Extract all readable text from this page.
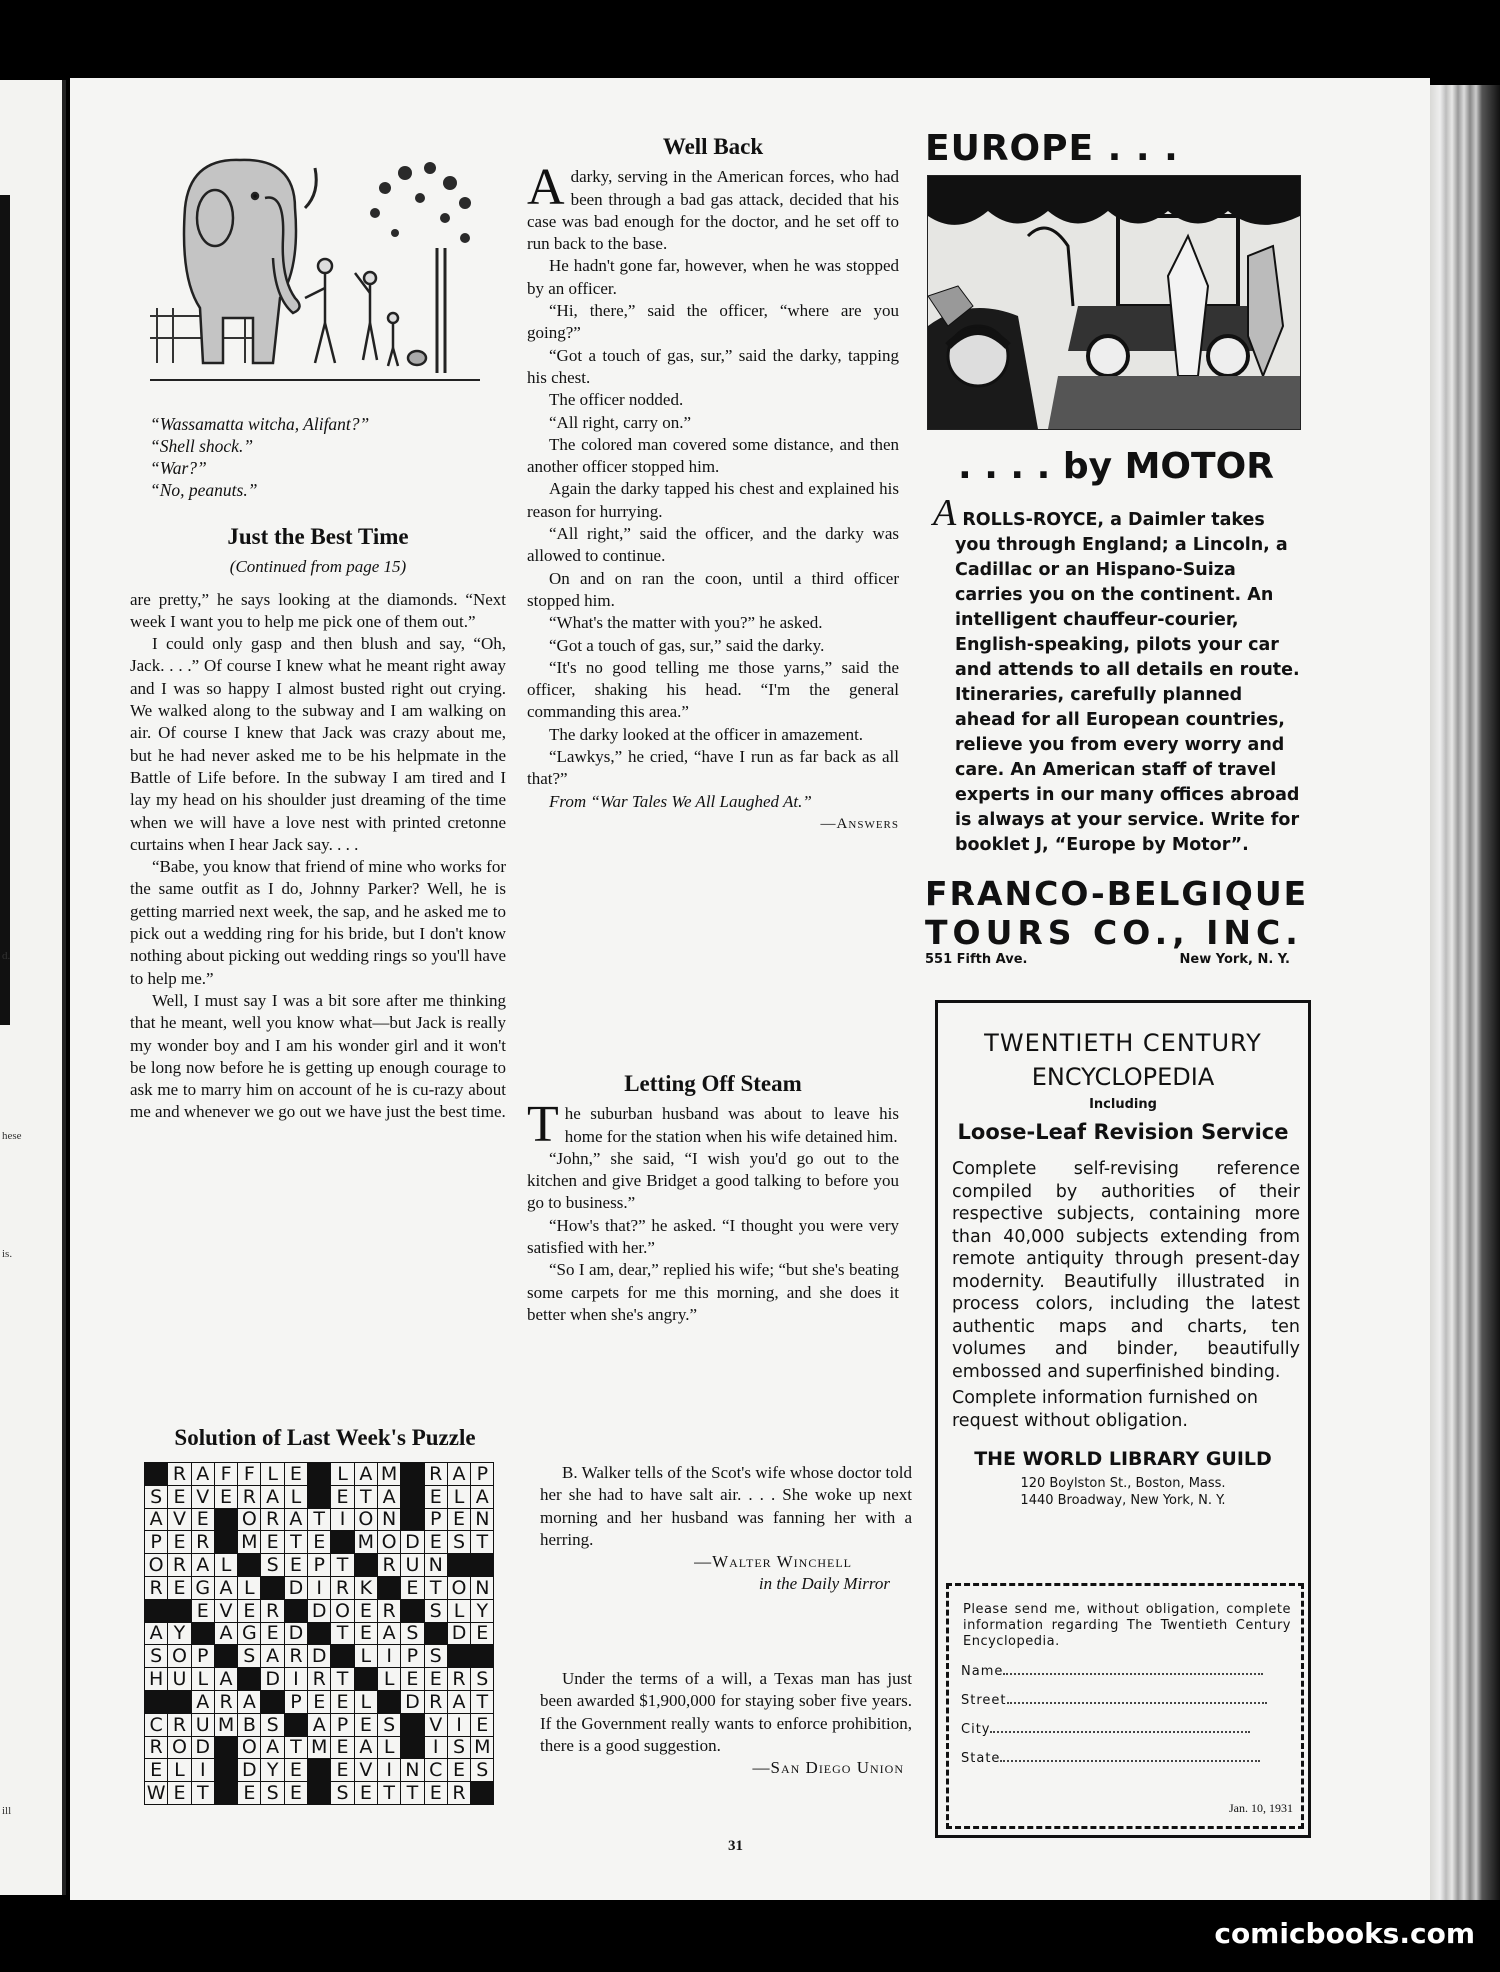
d.
hese
is.
ill

“Wassamatta witcha, Alifant?”

“Shell shock.”

“War?”

“No, peanuts.”

Just the Best Time
(Continued from page 15)

are pretty,” he says looking at the diamonds. “Next week I want you to help me pick one of them out.”

I could only gasp and then blush and say, “Oh, Jack. . . .” Of course I knew what he meant right away and I was so happy I almost busted right out crying. We walked along to the subway and I am walking on air. Of course I knew that Jack was crazy about me, but he had never asked me to be his helpmate in the Battle of Life before. In the subway I am tired and I lay my head on his shoulder just dreaming of the time when we will have a love nest with printed cretonne curtains when I hear Jack say. . . .

“Babe, you know that friend of mine who works for the same outfit as I do, Johnny Parker? Well, he is getting married next week, the sap, and he asked me to pick out a wedding ring for his bride, but I don't know nothing about picking out wedding rings so you'll have to help me.”

Well, I must say I was a bit sore after me thinking that he meant, well you know what—but Jack is really my wonder boy and I am his wonder girl and it won't be long now before he is getting up enough courage to ask me to marry him on account of he is cu-razy about me and whenever we go out we have just the best time.

Solution of Last Week's Puzzle
	R	A	F	F	L	E		L	A	M		R	A	P
S	E	V	E	R	A	L		E	T	A		E	L	A
A	V	E		O	R	A	T	I	O	N		P	E	N
P	E	R		M	E	T	E		M	O	D	E	S	T
O	R	A	L		S	E	P	T		R	U	N		
R	E	G	A	L		D	I	R	K		E	T	O	N
		E	V	E	R		D	O	E	R		S	L	Y
A	Y		A	G	E	D		T	E	A	S		D	E
S	O	P		S	A	R	D		L	I	P	S		
H	U	L	A		D	I	R	T		L	E	E	R	S
		A	R	A		P	E	E	L		D	R	A	T
C	R	U	M	B	S		A	P	E	S		V	I	E
R	O	D		O	A	T	M	E	A	L		I	S	M
E	L	I		D	Y	E		E	V	I	N	C	E	S
W	E	T		E	S	E		S	E	T	T	E	R	
Well Back

Adarky, serving in the American forces, who had been through a bad gas attack, decided that his case was bad enough for the doctor, and he set off to run back to the base.

He hadn't gone far, however, when he was stopped by an officer.

“Hi, there,” said the officer, “where are you going?”

“Got a touch of gas, sur,” said the darky, tapping his chest.

The officer nodded.

“All right, carry on.”

The colored man covered some distance, and then another officer stopped him.

Again the darky tapped his chest and explained his reason for hurrying.

“All right,” said the officer, and the darky was allowed to continue.

On and on ran the coon, until a third officer stopped him.

“What's the matter with you?” he asked.

“Got a touch of gas, sur,” said the darky.

“It's no good telling me those yarns,” said the officer, shaking his head. “I'm the general commanding this area.”

The darky looked at the officer in amazement.

“Lawkys,” he cried, “have I run as far back as all that?”

From “War Tales We All Laughed At.”

—Answers
Letting Off Steam

The suburban husband was about to leave his home for the station when his wife detained him.

“John,” she said, “I wish you'd go out to the kitchen and give Bridget a good talking to before you go to business.”

“How's that?” he asked. “I thought you were very satisfied with her.”

“So I am, dear,” replied his wife; “but she's beating some carpets for me this morning, and she does it better when she's angry.”

B. Walker tells of the Scot's wife whose doctor told her she had to have salt air. . . . She woke up next morning and her husband was fanning her with a herring.

—Walter Winchell
in the Daily Mirror

Under the terms of a will, a Texas man has just been awarded $1,900,000 for staying sober five years. If the Government really wants to enforce prohibition, there is a good suggestion.

—San Diego Union
31
EUROPE . . .
. . . . by MOTOR
A ROLLS-ROYCE, a Daimler takes you through England; a Lincoln, a Cadillac or an Hispano-Suiza carries you on the continent. An intelligent chauffeur-courier, English-speaking, pilots your car and attends to all details en route. Itineraries, carefully planned ahead for all European countries, relieve you from every worry and care. An American staff of travel experts in our many offices abroad is always at your service. Write for booklet J, “Europe by Motor”.
FRANCO-BELGIQUE
TOURS CO., INC.
551 Fifth Ave.	New York, N. Y.
TWENTIETH CENTURY
ENCYCLOPEDIA
Including
Loose-Leaf Revision Service
Complete self-revising reference compiled by authorities of their respective subjects, containing more than 40,000 subjects extending from remote antiquity through present-day modernity. Beautifully illustrated in process colors, including the latest authentic maps and charts, ten volumes and binder, beautifully embossed and superfinished binding.
Complete information furnished on request without obligation.
THE WORLD LIBRARY GUILD
120 Boylston St., Boston, Mass.
1440 Broadway, New York, N. Y.
Please send me, without obligation, complete information regarding The Twentieth Century Encyclopedia.
Name
Street
City
State
Jan. 10, 1931
comicbooks.com
